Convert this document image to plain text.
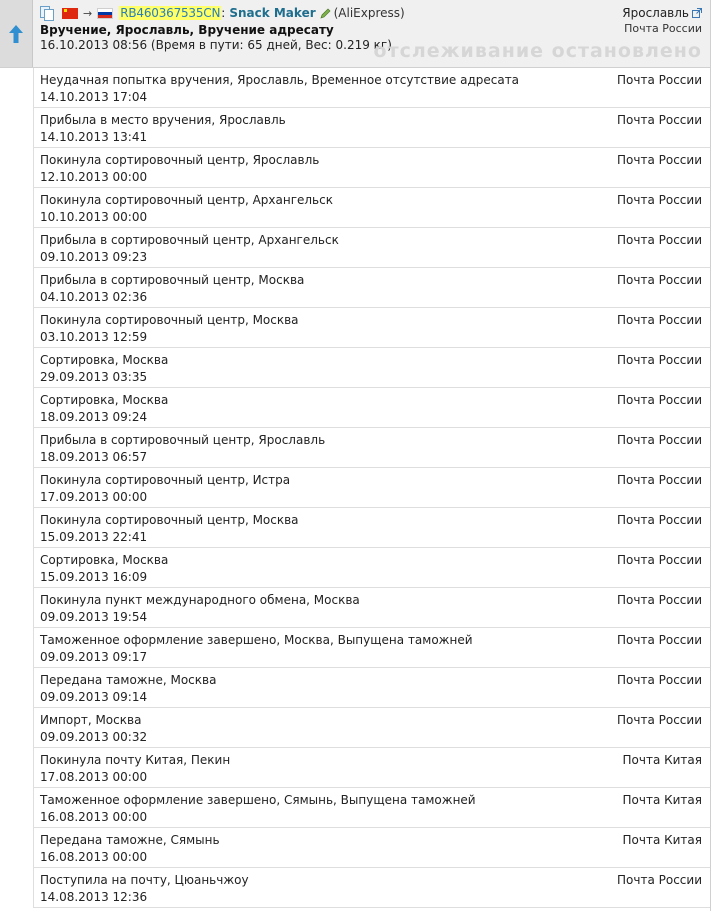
→ RB460367535CN : Snack Maker (AliExpress)
Вручение, Ярославль, Вручение адресату
16.10.2013 08:56 (Время в пути: 65 дней, Вес: 0.219 кг)
отслеживание остановлено
Ярославль
Почта России
Неудачная попытка вручения, Ярославль, Временное отсутствие адресата
14.10.2013 17:04
Почта России
Прибыла в место вручения, Ярославль
14.10.2013 13:41
Почта России
Покинула сортировочный центр, Ярославль
12.10.2013 00:00
Почта России
Покинула сортировочный центр, Архангельск
10.10.2013 00:00
Почта России
Прибыла в сортировочный центр, Архангельск
09.10.2013 09:23
Почта России
Прибыла в сортировочный центр, Москва
04.10.2013 02:36
Почта России
Покинула сортировочный центр, Москва
03.10.2013 12:59
Почта России
Сортировка, Москва
29.09.2013 03:35
Почта России
Сортировка, Москва
18.09.2013 09:24
Почта России
Прибыла в сортировочный центр, Ярославль
18.09.2013 06:57
Почта России
Покинула сортировочный центр, Истра
17.09.2013 00:00
Почта России
Покинула сортировочный центр, Москва
15.09.2013 22:41
Почта России
Сортировка, Москва
15.09.2013 16:09
Почта России
Покинула пункт международного обмена, Москва
09.09.2013 19:54
Почта России
Таможенное оформление завершено, Москва, Выпущена таможней
09.09.2013 09:17
Почта России
Передана таможне, Москва
09.09.2013 09:14
Почта России
Импорт, Москва
09.09.2013 00:32
Почта России
Покинула почту Китая, Пекин
17.08.2013 00:00
Почта Китая
Таможенное оформление завершено, Сямынь, Выпущена таможней
16.08.2013 00:00
Почта Китая
Передана таможне, Сямынь
16.08.2013 00:00
Почта Китая
Поступила на почту, Цюаньчжоу
14.08.2013 12:36
Почта России
